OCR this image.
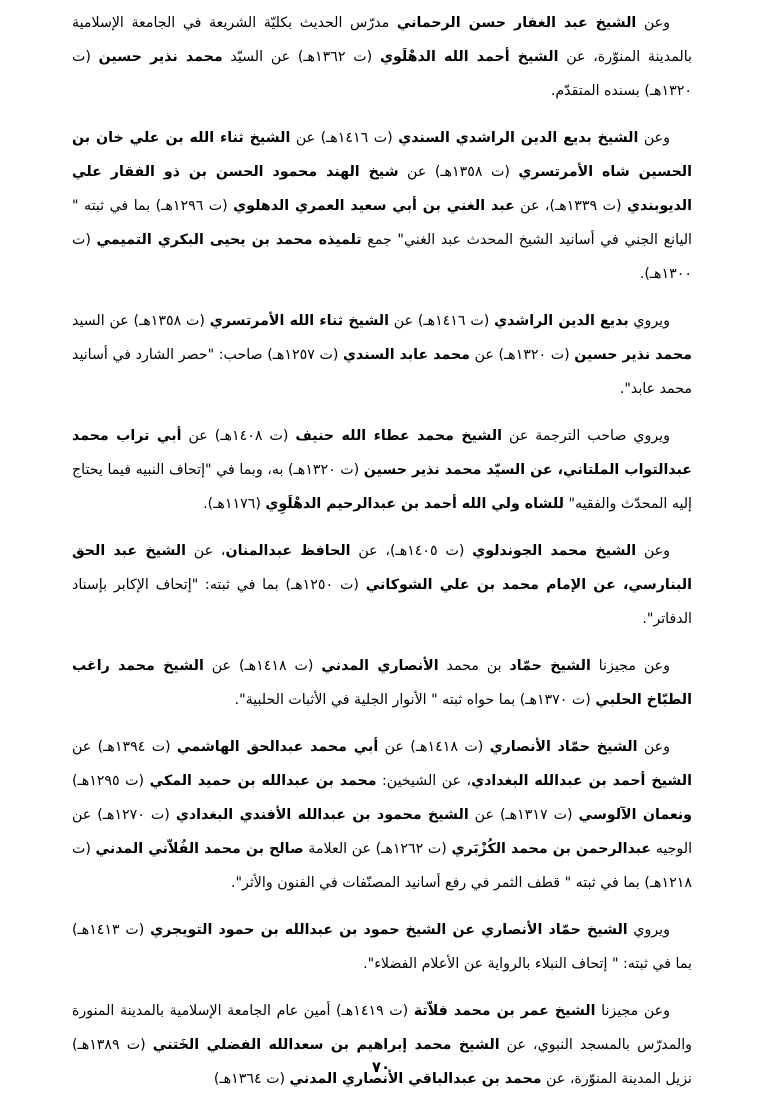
وعن الشيخ عبد الغفار حسن الرحماني مدرّس الحديث بكليّة الشريعة في الجامعة الإسلامية بالمدينة المنوّرة، عن الشيخ أحمد الله الدهْلَوي (ت ١٣٦٢هـ) عن السيّد محمد نذير حسين (ت ١٣٢٠هـ) بسنده المتقدّم.

وعن الشيخ بديع الدين الراشدي السندي (ت ١٤١٦هـ) عن الشيخ ثناء الله بن علي خان بن الحسين شاه الأمرتسري (ت ١٣٥٨هـ) عن شيخ الهند محمود الحسن بن ذو الفقار علي الديوبندي (ت ١٣٣٩هـ)، عن عبد الغني بن أبي سعيد العمري الدهلوي (ت ١٢٩٦هـ) بما في ثبته " اليانع الجني في أسانيد الشيخ المحدث عبد الغني" جمع تلميذه محمد بن يحيى البكري التميمي (ت ١٣٠٠هـ).

ويروي بديع الدين الراشدي (ت ١٤١٦هـ) عن الشيخ ثناء الله الأمرتسري (ت ١٣٥٨هـ) عن السيد محمد نذير حسين (ت ١٣٢٠هـ) عن محمد عابد السندي (ت ١٢٥٧هـ) صاحب: "حصر الشارد في أسانيد محمد عابد".

ويروي صاحب الترجمة عن الشيخ محمد عطاء الله حنيف (ت ١٤٠٨هـ) عن أبي تراب محمد عبدالتواب الملتاني، عن السيّد محمد نذير حسين (ت ١٣٢٠هـ) به، وبما في "إتحاف النبيه فيما يحتاج إليه المحدّث والفقيه" للشاه ولي الله أحمد بن عبدالرحيم الدهْلَوِي (١١٧٦هـ).

وعن الشيخ محمد الجوندلوي (ت ١٤٠٥هـ)، عن الحافظ عبدالمنان، عن الشيخ عبد الحق البنارسي، عن الإمام محمد بن علي الشوكاني (ت ١٢٥٠هـ) بما في ثبته: "إتحاف الإكابر بإسناد الدفاتر".

وعن مجيزنا الشيخ حمّاد بن محمد الأنصاري المدني (ت ١٤١٨هـ) عن الشيخ محمد راغب الطبّاخ الحلبي (ت ١٣٧٠هـ) بما حواه ثبته " الأنوار الجلية في الأثبات الحلبية".

وعن الشيخ حمّاد الأنصاري (ت ١٤١٨هـ) عن أبي محمد عبدالحق الهاشمي (ت ١٣٩٤هـ) عن الشيخ أحمد بن عبدالله البغدادي، عن الشيخين: محمد بن عبدالله بن حميد المكي (ت ١٢٩٥هـ) ونعمان الآلوسي (ت ١٣١٧هـ) عن الشيخ محمود بن عبدالله الأفندي البغدادي (ت ١٢٧٠هـ) عن الوجيه عبدالرحمن بن محمد الكُزْبَري (ت ١٢٦٢هـ) عن العلامة صالح بن محمد الفُلاّني المدني (ت ١٢١٨هـ) بما في ثبته " قطف الثمر في رفع أسانيد المصنّفات في الفنون والأثر".

ويروي الشيخ حمّاد الأنصاري عن الشيخ حمود بن عبدالله بن حمود التويجري (ت ١٤١٣هـ) بما في ثبته: " إتحاف النبلاء بالرواية عن الأعلام الفضلاء".

وعن مجيزنا الشيخ عمر بن محمد فلاّتة (ت ١٤١٩هـ) أمين عام الجامعة الإسلامية بالمدينة المنورة والمدرّس بالمسجد النبوي، عن الشيخ محمد إبراهيم بن سعدالله الفضلي الخَتني (ت ١٣٨٩هـ) نزيل المدينة المنوّرة، عن محمد بن عبدالباقي الأنصاري المدني (ت ١٣٦٤هـ)

٧٠
